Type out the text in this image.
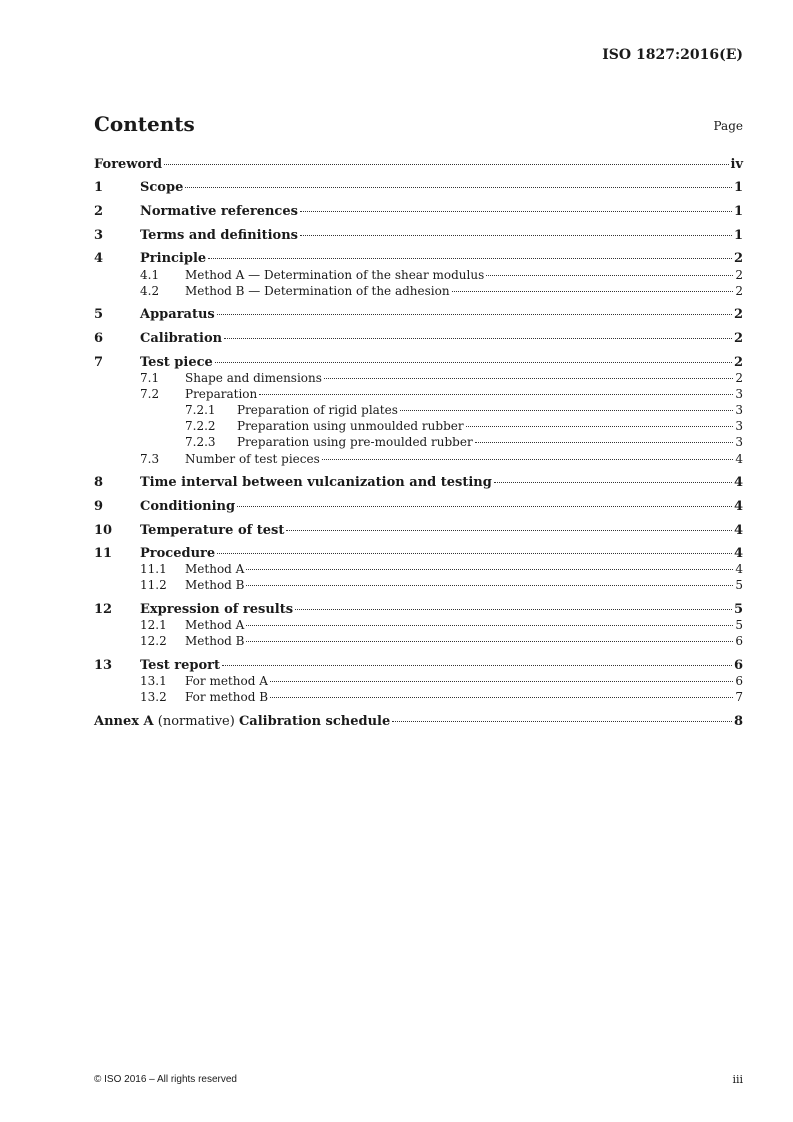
ISO 1827:2016(E)
Contents	Page
Foreword	iv
1	Scope	1
2	Normative references	1
3	Terms and definitions	1
4	Principle	2
4.1	Method A — Determination of the shear modulus	2
4.2	Method B — Determination of the adhesion	2
5	Apparatus	2
6	Calibration	2
7	Test piece	2
7.1	Shape and dimensions	2
7.2	Preparation	3
7.2.1	Preparation of rigid plates	3
7.2.2	Preparation using unmoulded rubber	3
7.2.3	Preparation using pre-moulded rubber	3
7.3	Number of test pieces	4
8	Time interval between vulcanization and testing	4
9	Conditioning	4
10	Temperature of test	4
11	Procedure	4
11.1	Method A	4
11.2	Method B	5
12	Expression of results	5
12.1	Method A	5
12.2	Method B	6
13	Test report	6
13.1	For method A	6
13.2	For method B	7
Annex A (normative) Calibration schedule	8
© ISO 2016 – All rights reserved	iii
